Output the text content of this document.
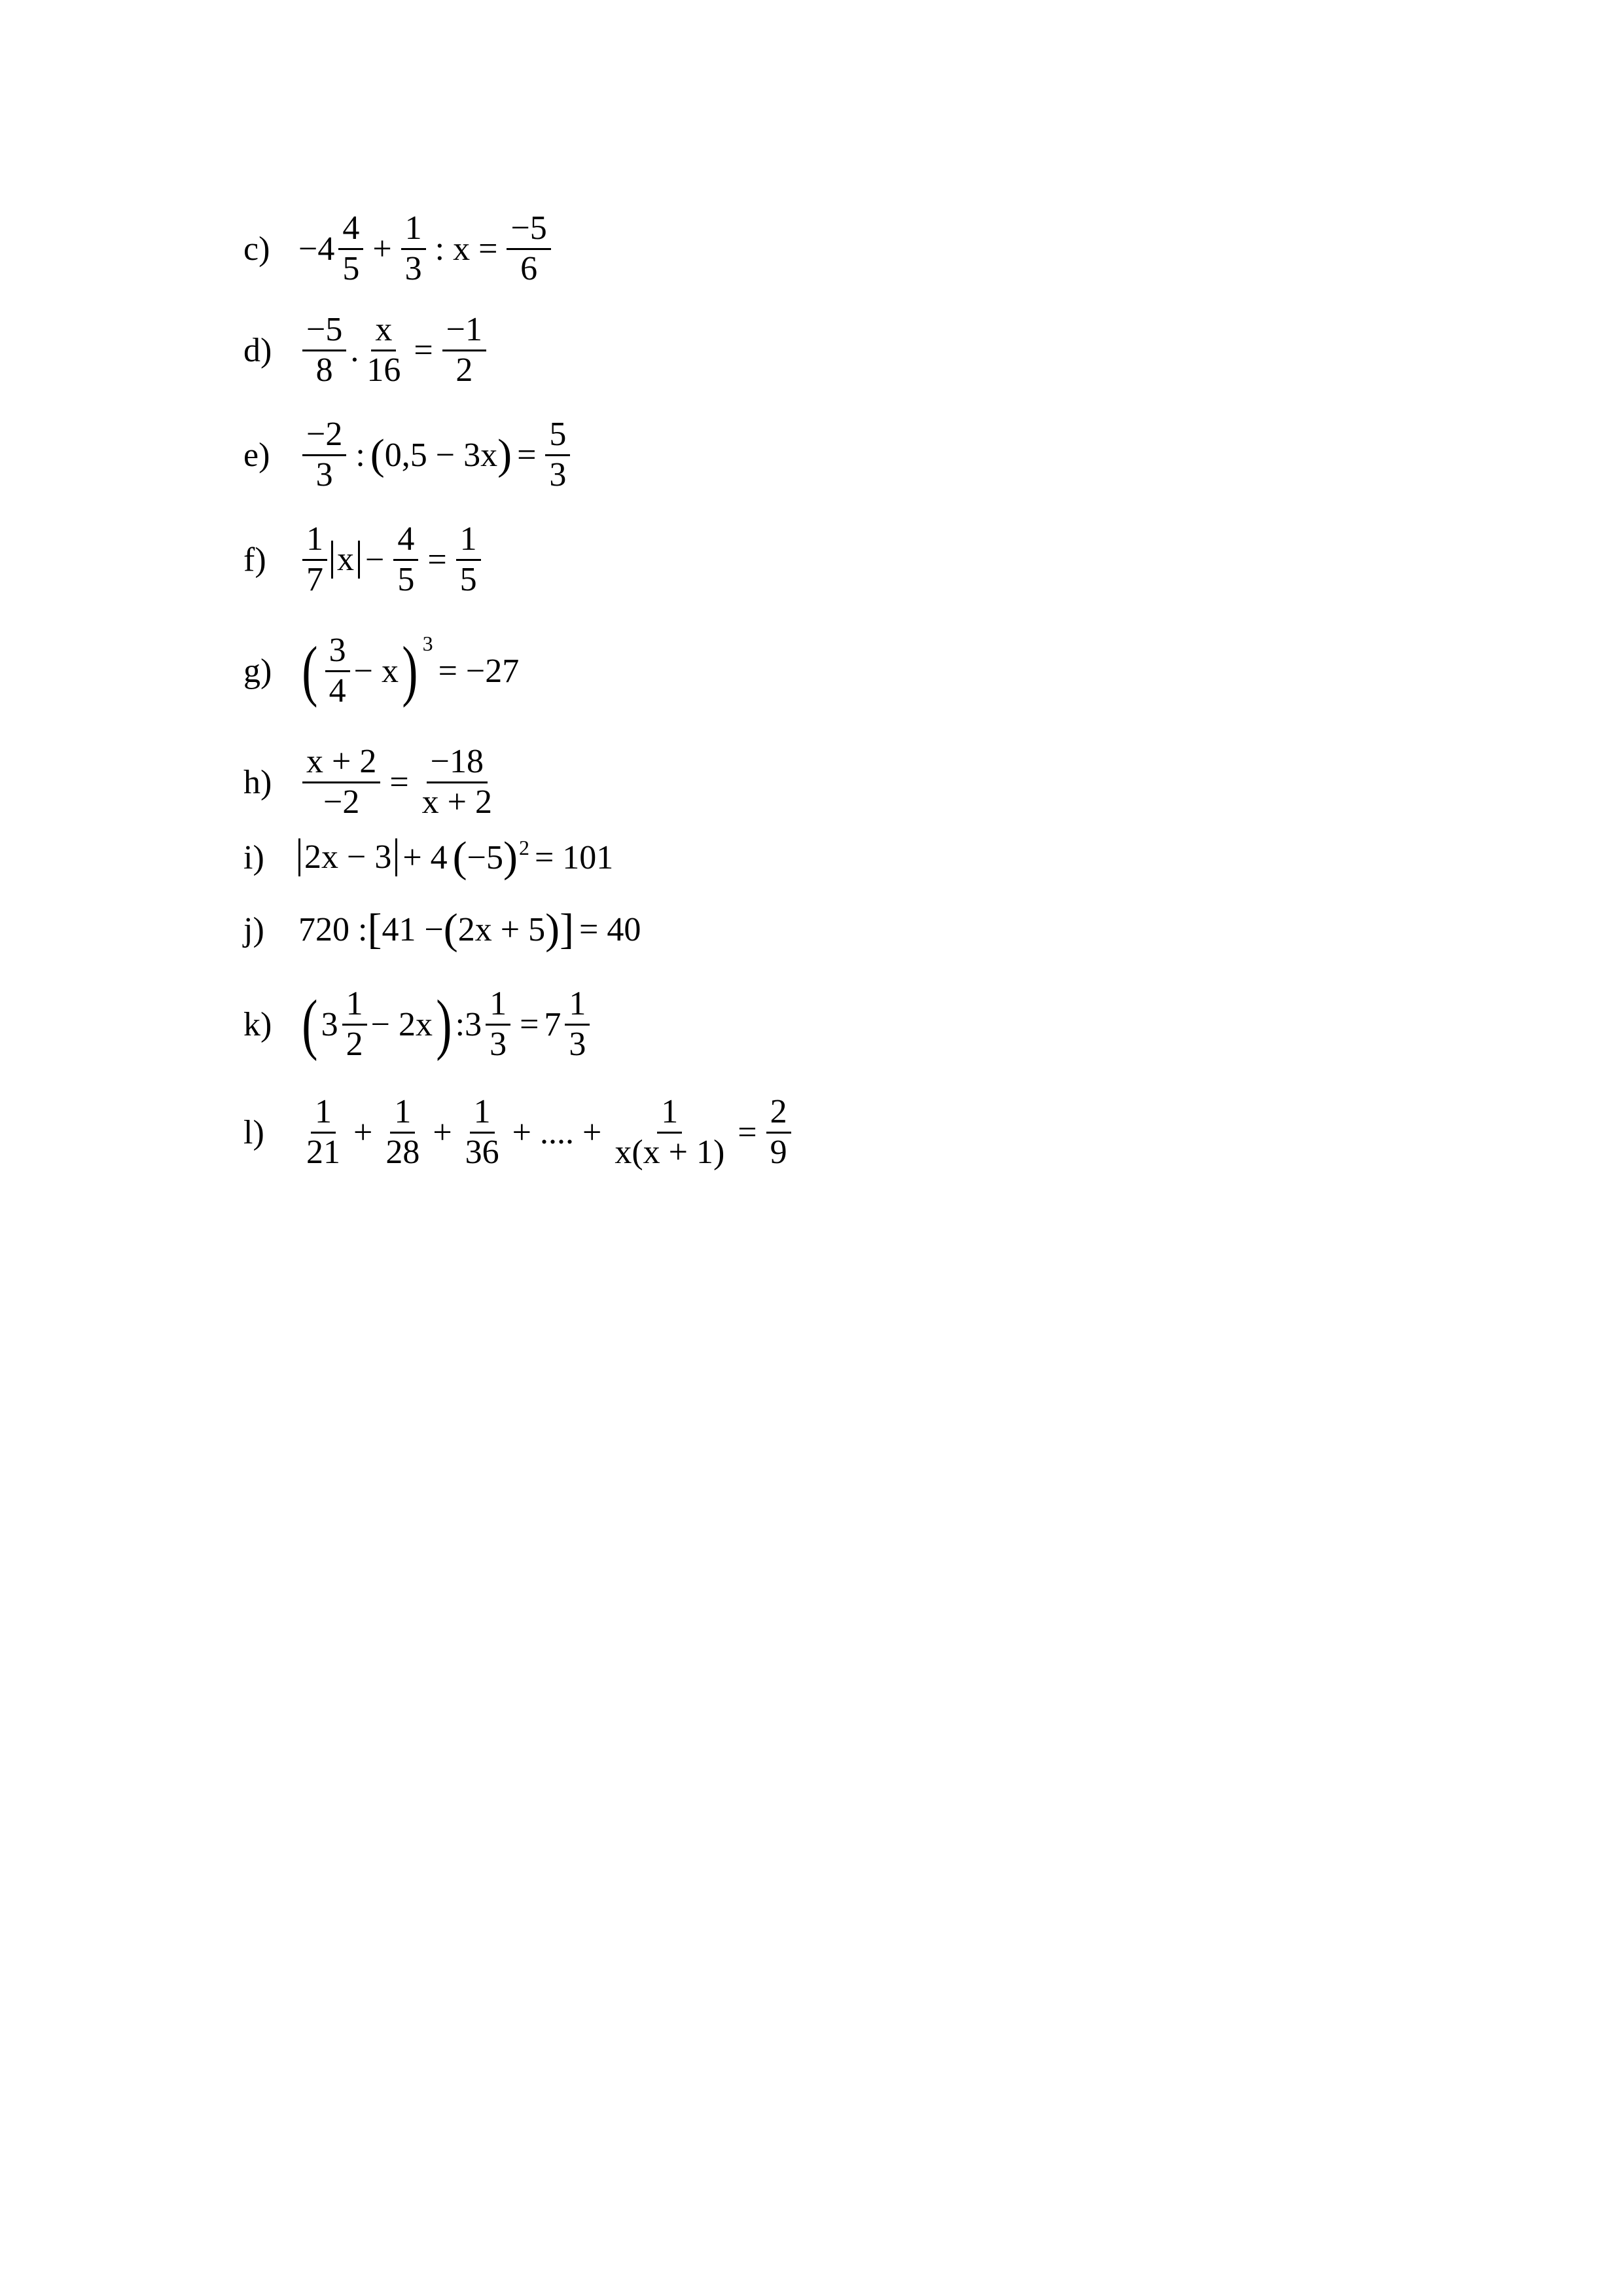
$c) -4 \frac{4}{5} + \frac{1}{3}$ : $x = \frac{-5}{6}$
$d) \frac{-5}{8}$ . $\frac{x}{16} = \frac{-1}{2}$
$e) \frac{-2}{3}$ : ( 0,5 − 3x ) = $\frac{5}{3}$
f)	$\frac{1}{7}$ $x - \frac{4}{5} = \frac{1}{5}$
g) ( $\frac{3}{4} - x$ ) 3
= −27
$h) \frac{x + 2}{-2} = \frac{-18}{x + 2}$
i)	2x − 3 + 4 ( −5 ) 2 = 101
j)	720 : [ 41 − ( 2x + 5 ) ] = 40
k) ( $3 \frac{1}{2} - 2x$ ) : $3 \frac{1}{3} = 7 \frac{1}{3}$
l)	$\frac{1}{21} + \frac{1}{28} + \frac{1}{36}$ + .... + $\frac{1}{x(x + 1)} = \frac{2}{9}$
